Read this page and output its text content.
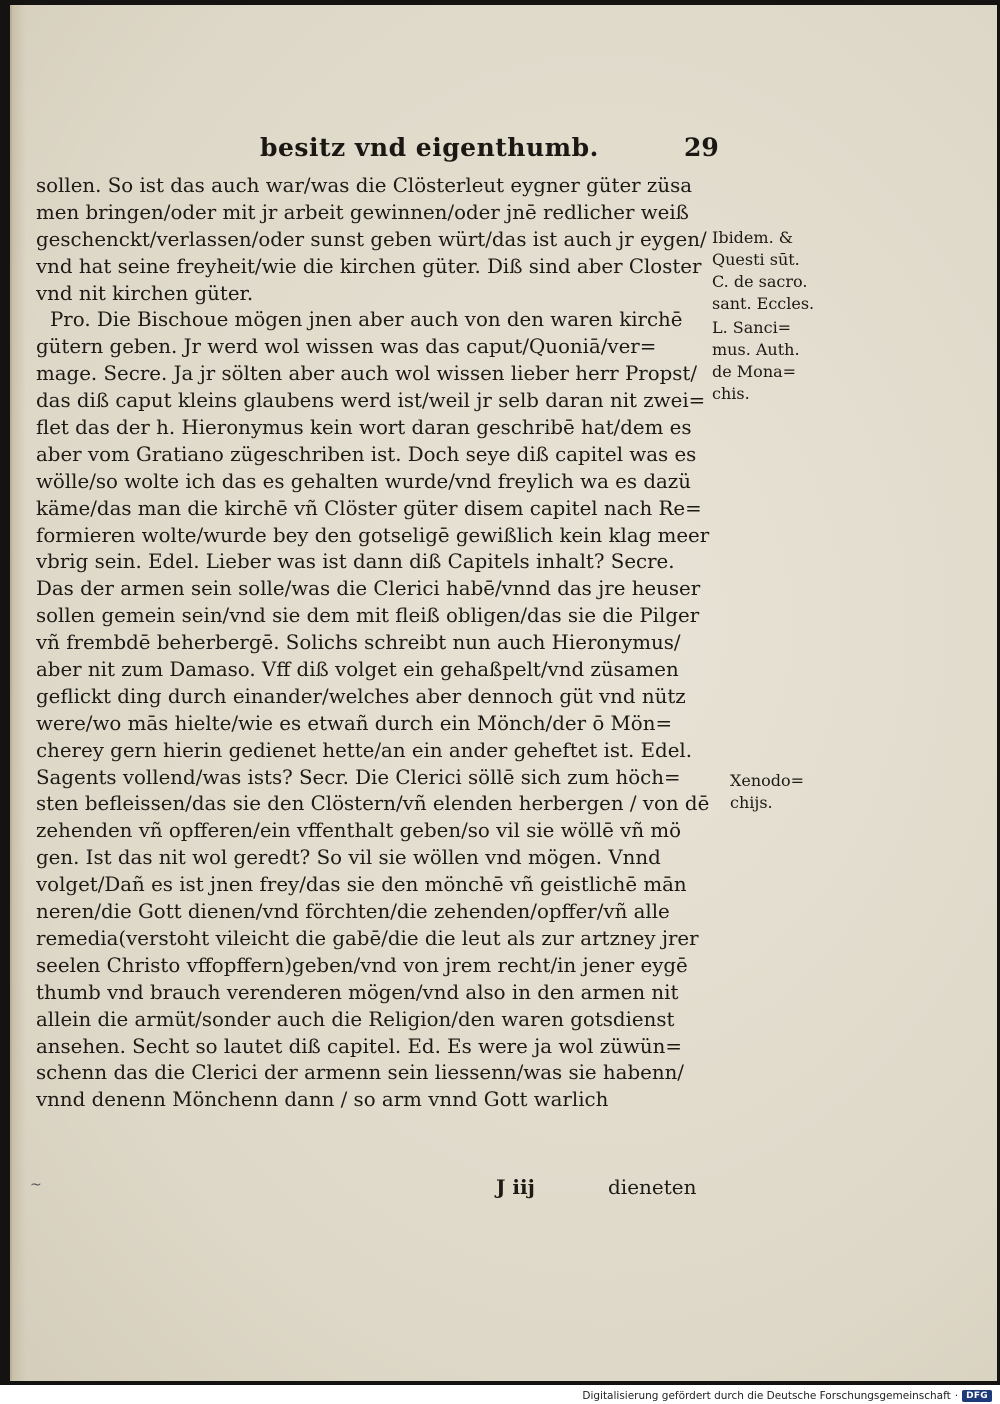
besitz vnd eigenthumb.	29
sollen. So ist das auch war/was die Clösterleut eygner güter züsa
men bringen/oder mit jr arbeit gewinnen/oder jnē redlicher weiß
geschenckt/verlassen/oder sunst geben würt/das ist auch jr eygen/
vnd hat seine freyheit/wie die kirchen güter. Diß sind aber Closter
vnd nit kirchen güter.
Pro. Die Bischoue mögen jnen aber auch von den waren kirchē
gütern geben. Jr werd wol wissen was das caput/Quoniā/ver=
mage. Secre. Ja jr sölten aber auch wol wissen lieber herr Propst/
das diß caput kleins glaubens werd ist/weil jr selb daran nit zwei=
flet das der h. Hieronymus kein wort daran geschribē hat/dem es
aber vom Gratiano zügeschriben ist. Doch seye diß capitel was es
wölle/so wolte ich das es gehalten wurde/vnd freylich wa es dazü
käme/das man die kirchē vñ Clöster güter disem capitel nach Re=
formieren wolte/wurde bey den gotseligē gewißlich kein klag meer
vbrig sein. Edel. Lieber was ist dann diß Capitels inhalt? Secre.
Das der armen sein solle/was die Clerici habē/vnnd das jre heuser
sollen gemein sein/vnd sie dem mit fleiß obligen/das sie die Pilger
vñ frembdē beherbergē. Solichs schreibt nun auch Hieronymus/
aber nit zum Damaso. Vff diß volget ein gehaßpelt/vnd züsamen
geflickt ding durch einander/welches aber dennoch güt vnd nütz
were/wo mās hielte/wie es etwañ durch ein Mönch/der ō Mön=
cherey gern hierin gedienet hette/an ein ander geheftet ist. Edel.
Sagents vollend/was ists? Secr. Die Clerici söllē sich zum höch=
sten befleissen/das sie den Clöstern/vñ elenden herbergen / von dē
zehenden vñ opfferen/ein vffenthalt geben/so vil sie wöllē vñ mö
gen. Ist das nit wol geredt? So vil sie wöllen vnd mögen. Vnnd
volget/Dañ es ist jnen frey/das sie den mönchē vñ geistlichē mān
neren/die Gott dienen/vnd förchten/die zehenden/opffer/vñ alle
remedia(verstoht vileicht die gabē/die die leut als zur artzney jrer
seelen Christo vffopffern)geben/vnd von jrem recht/in jener eygē
thumb vnd brauch verenderen mögen/vnd also in den armen nit
allein die armüt/sonder auch die Religion/den waren gotsdienst
ansehen. Secht so lautet diß capitel. Ed. Es were ja wol züwün=
schenn das die Clerici der armenn sein liessenn/was sie habenn/
vnnd denenn Mönchenn dann / so arm vnnd Gott warlich
Ibidem. &
Questi sūt.
C. de sacro.
sant. Eccles.
L. Sanci=
mus. Auth.
de Mona=
chis.
Xenodo=
chijs.
~	J iij	dieneten
Digitalisierung gefördert durch die Deutsche Forschungsgemeinschaft · DFG
